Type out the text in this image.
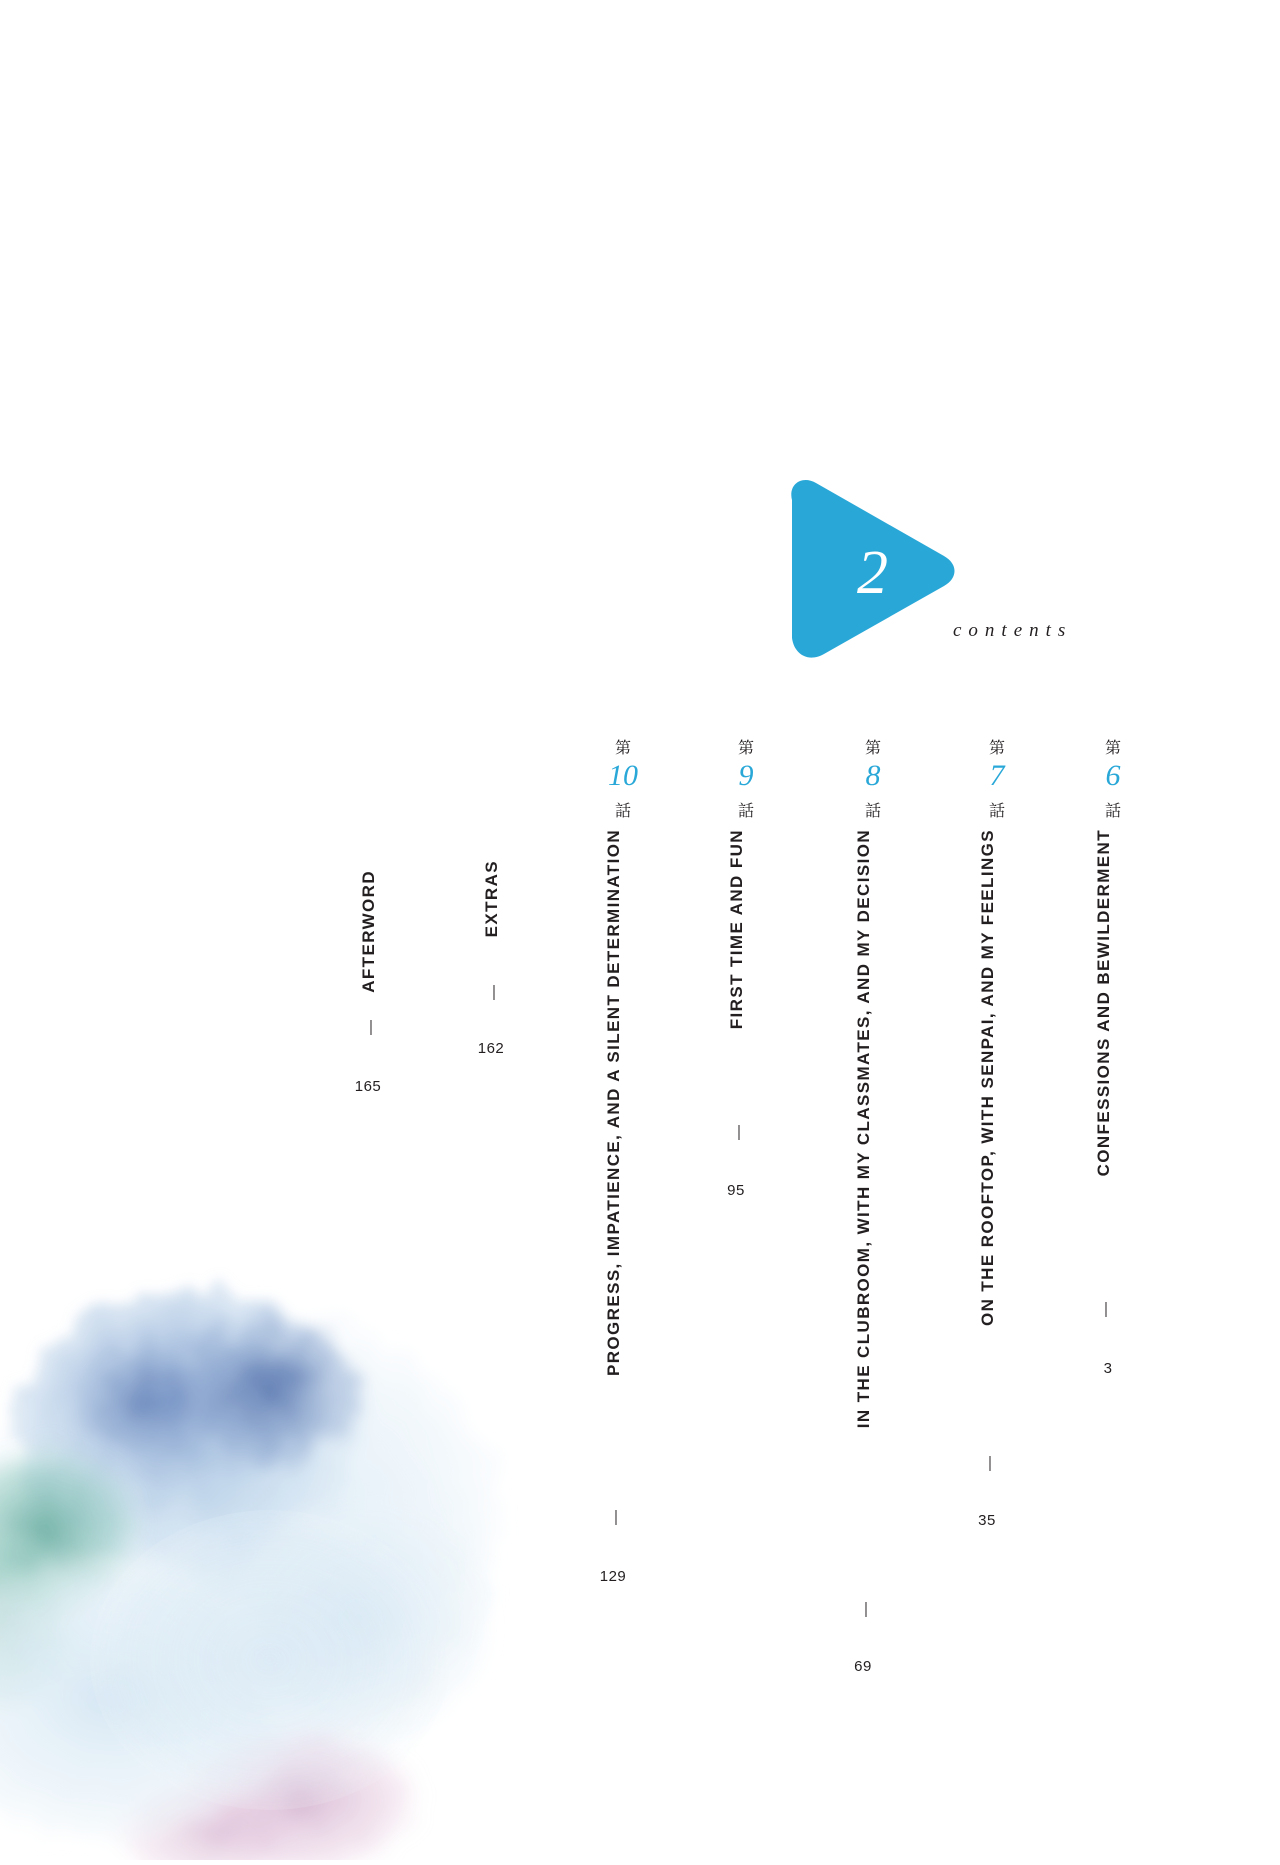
2
contents
第
6
話
CONFESSIONS AND BEWILDERMENT
—
3
第
7
話
ON THE ROOFTOP, WITH SENPAI, AND MY FEELINGS
—
35
第
8
話
IN THE CLUBROOM, WITH MY CLASSMATES, AND MY DECISION
—
69
第
9
話
FIRST TIME AND FUN
—
95
第
10
話
PROGRESS, IMPATIENCE, AND A SILENT DETERMINATION
—
129
EXTRAS
—
162
AFTERWORD
—
165
